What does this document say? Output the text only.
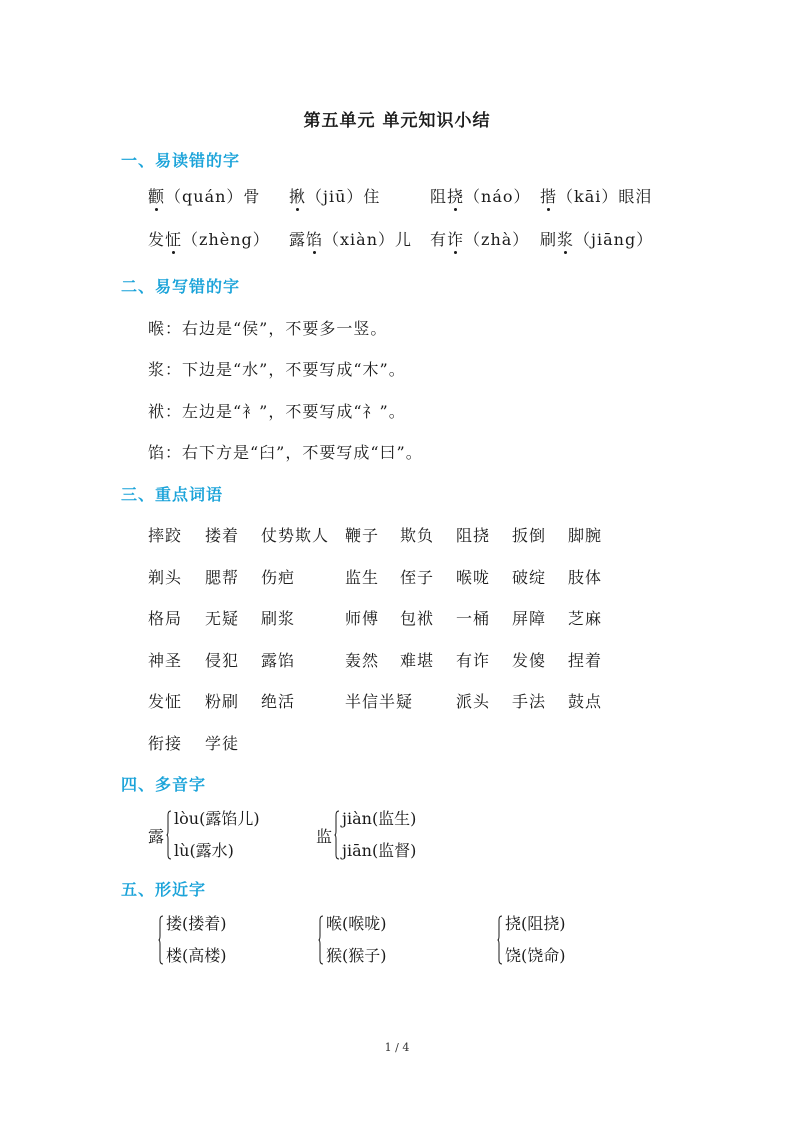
第五单元 单元知识小结
一、易读错的字
颧（quán）骨 揪（jiū）住	阻挠（náo） 揩（kāi）眼泪
发怔（zhèng） 露馅（xiàn）儿 有诈（zhà） 刷浆（jiāng）
二、易写错的字
喉：右边是“侯”，不要多一竖。
浆：下边是“水”，不要写成“木”。
袱：左边是“衤”，不要写成“礻”。
馅：右下方是“臼”，不要写成“曰”。
三、重点词语
摔跤 搂着 仗势欺人 鞭子 欺负 阻挠 扳倒 脚腕
剃头 腮帮 伤疤	监生 侄子 喉咙 破绽 肢体
格局 无疑 刷浆	师傅 包袱 一桶 屏障 芝麻
神圣 侵犯 露馅	轰然 难堪 有诈 发傻 捏着
发怔 粉刷 绝活	半信半疑	派头 手法 鼓点
衔接 学徒
四、多音字
露
lòu(露馅儿)
lù(露水)
监
jiàn(监生)
jiān(监督)
五、形近字
搂(搂着)
楼(高楼)
喉(喉咙)
猴(猴子)
挠(阻挠)
饶(饶命)
1 / 4
